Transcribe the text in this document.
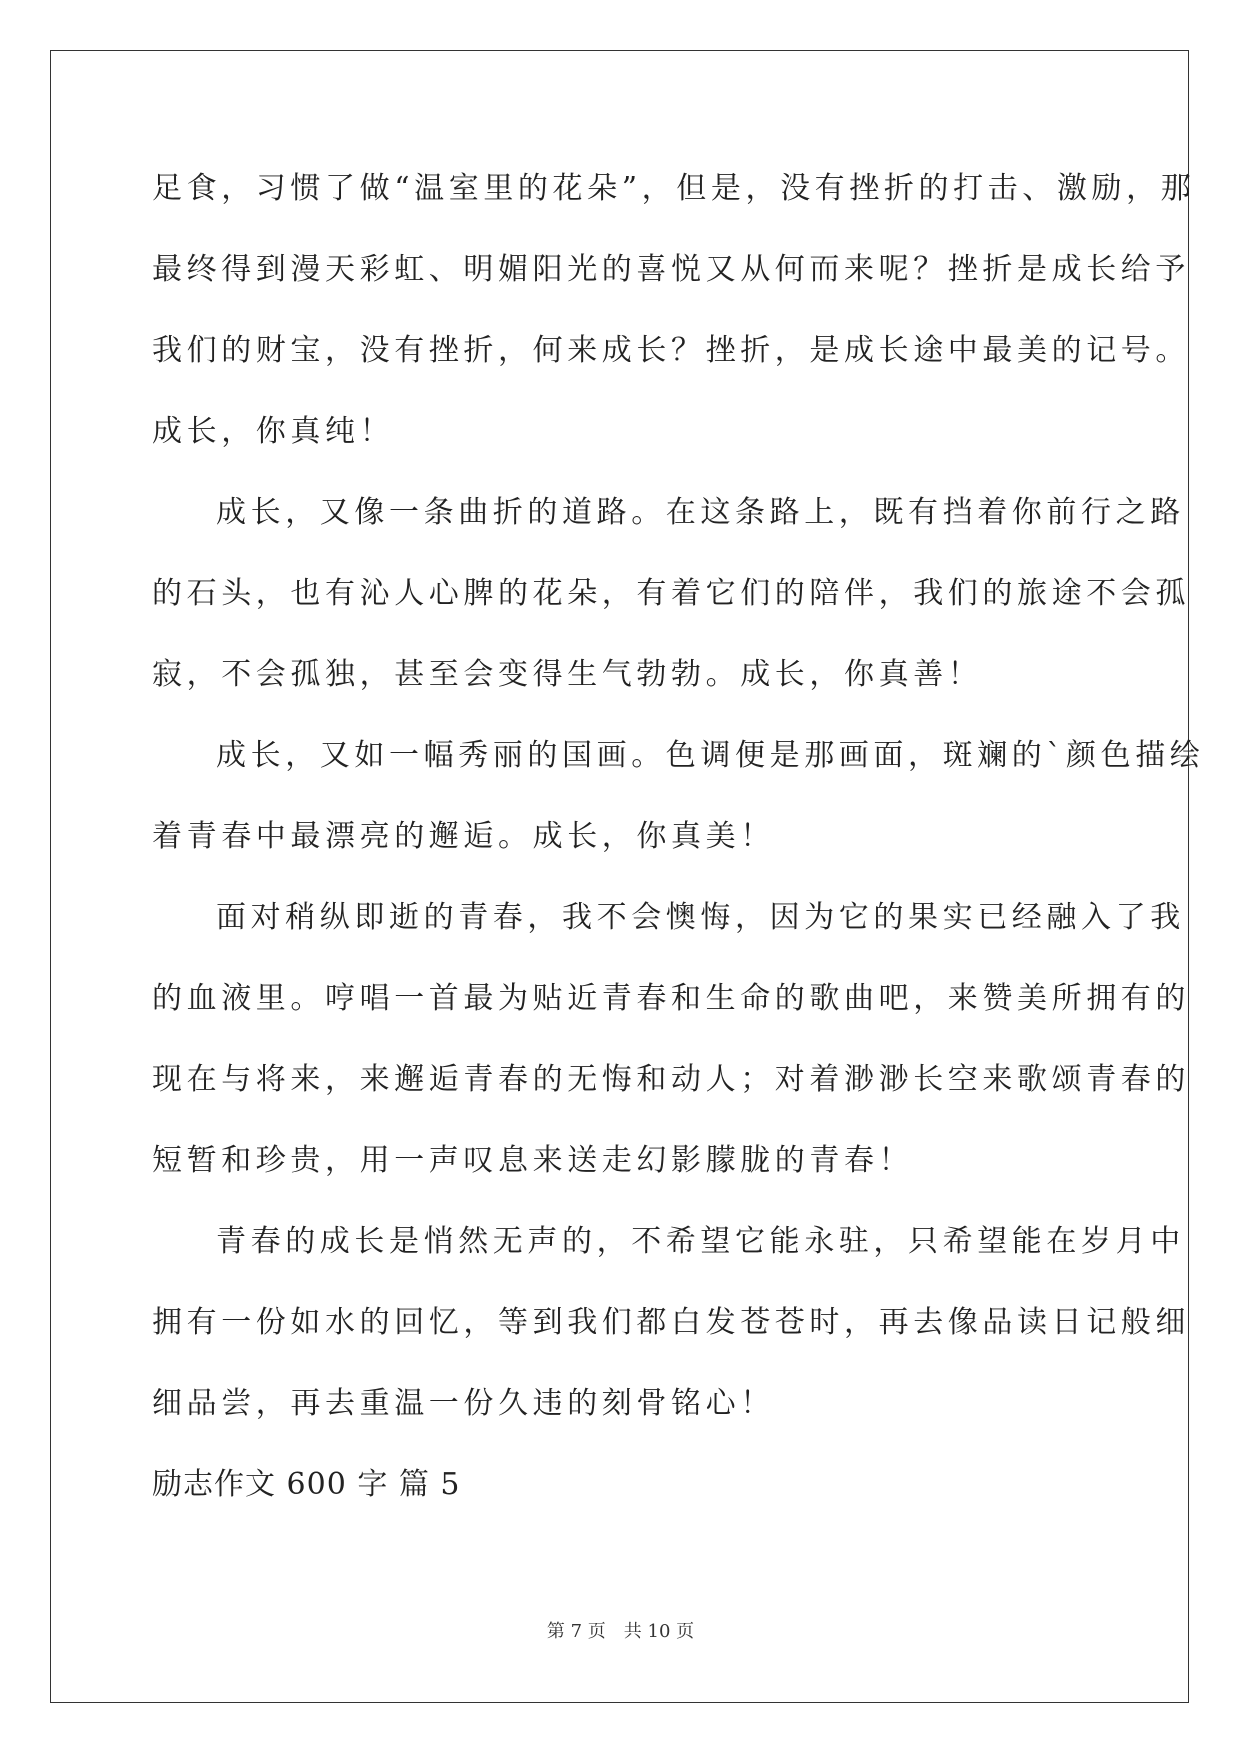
足食，习惯了做“温室里的花朵”，但是，没有挫折的打击、激励，那
最终得到漫天彩虹、明媚阳光的喜悦又从何而来呢？挫折是成长给予
我们的财宝，没有挫折，何来成长？挫折，是成长途中最美的记号。
成长，你真纯！
成长，又像一条曲折的道路。在这条路上，既有挡着你前行之路
的石头，也有沁人心脾的花朵，有着它们的陪伴，我们的旅途不会孤
寂，不会孤独，甚至会变得生气勃勃。成长，你真善！
成长，又如一幅秀丽的国画。色调便是那画面，斑斓的`颜色描绘
着青春中最漂亮的邂逅。成长，你真美！
面对稍纵即逝的青春，我不会懊悔，因为它的果实已经融入了我
的血液里。哼唱一首最为贴近青春和生命的歌曲吧，来赞美所拥有的
现在与将来，来邂逅青春的无悔和动人；对着渺渺长空来歌颂青春的
短暂和珍贵，用一声叹息来送走幻影朦胧的青春！
青春的成长是悄然无声的，不希望它能永驻，只希望能在岁月中
拥有一份如水的回忆，等到我们都白发苍苍时，再去像品读日记般细
细品尝，再去重温一份久违的刻骨铭心！
励志作文 600 字 篇 5
第 7 页 共 10 页
